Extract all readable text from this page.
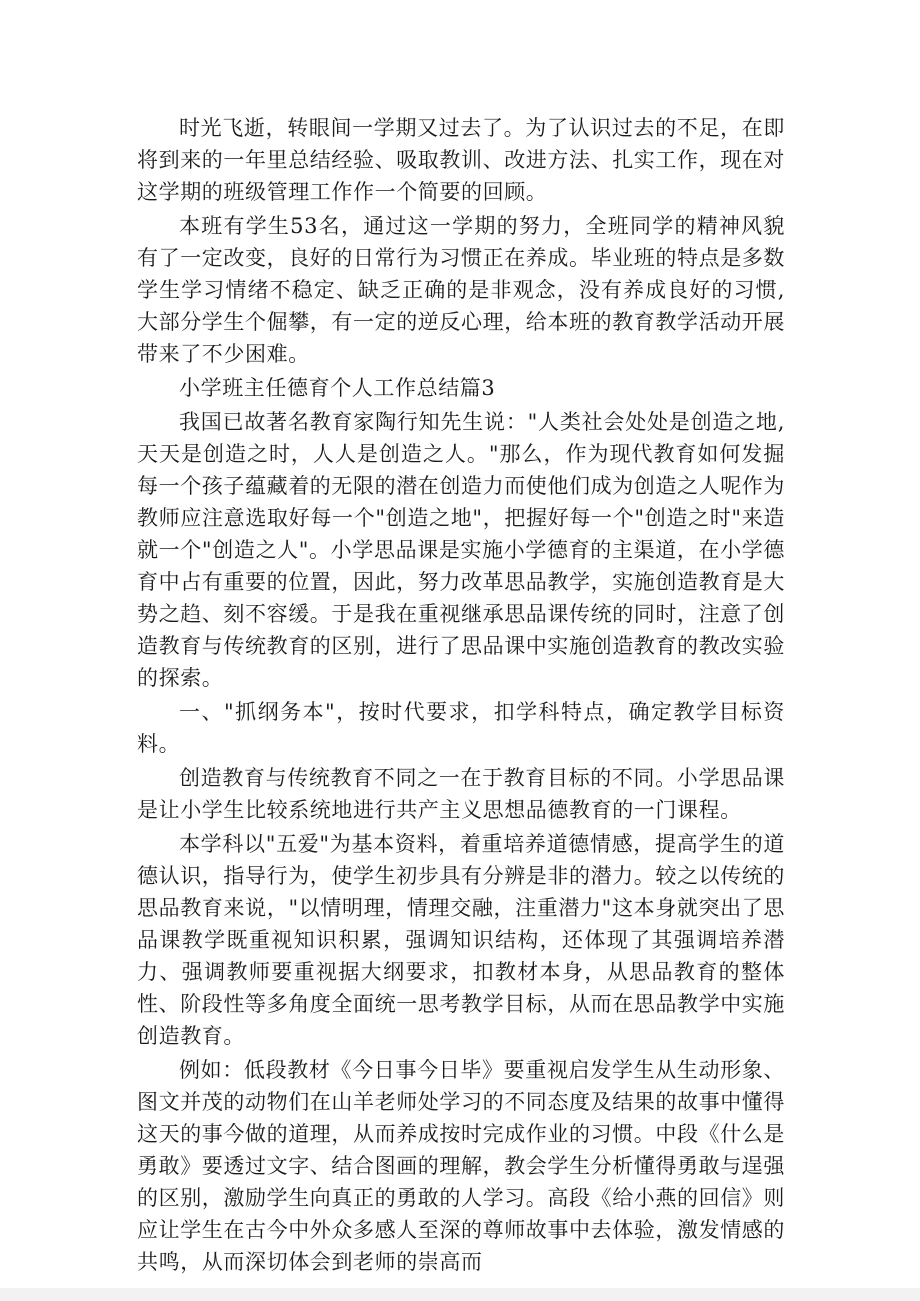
时光飞逝，转眼间一学期又过去了。为了认识过去的不足，在即将到来的一年里总结经验、吸取教训、改进方法、扎实工作，现在对这学期的班级管理工作作一个简要的回顾。

本班有学生53名，通过这一学期的努力，全班同学的精神风貌有了一定改变，良好的日常行为习惯正在养成。毕业班的特点是多数学生学习情绪不稳定、缺乏正确的是非观念，没有养成良好的习惯,大部分学生个倔攀，有一定的逆反心理，给本班的教育教学活动开展带来了不少困难。

小学班主任德育个人工作总结篇3

我国已故著名教育家陶行知先生说："人类社会处处是创造之地,天天是创造之时，人人是创造之人。"那么，作为现代教育如何发掘每一个孩子蕴藏着的无限的潜在创造力而使他们成为创造之人呢作为教师应注意选取好每一个"创造之地"，把握好每一个"创造之时"来造就一个"创造之人"。小学思品课是实施小学德育的主渠道，在小学德育中占有重要的位置，因此，努力改革思品教学，实施创造教育是大势之趋、刻不容缓。于是我在重视继承思品课传统的同时，注意了创造教育与传统教育的区别，进行了思品课中实施创造教育的教改实验的探索。

一、"抓纲务本"，按时代要求，扣学科特点，确定教学目标资料。

创造教育与传统教育不同之一在于教育目标的不同。小学思品课是让小学生比较系统地进行共产主义思想品德教育的一门课程。

本学科以"五爱"为基本资料，着重培养道德情感，提高学生的道德认识，指导行为，使学生初步具有分辨是非的潜力。较之以传统的思品教育来说，"以情明理，情理交融，注重潜力"这本身就突出了思品课教学既重视知识积累，强调知识结构，还体现了其强调培养潜力、强调教师要重视据大纲要求，扣教材本身，从思品教育的整体性、阶段性等多角度全面统一思考教学目标，从而在思品教学中实施创造教育。

例如：低段教材《今日事今日毕》要重视启发学生从生动形象、图文并茂的动物们在山羊老师处学习的不同态度及结果的故事中懂得这天的事今做的道理，从而养成按时完成作业的习惯。中段《什么是勇敢》要透过文字、结合图画的理解，教会学生分析懂得勇敢与逞强的区别，激励学生向真正的勇敢的人学习。高段《给小燕的回信》则应让学生在古今中外众多感人至深的尊师故事中去体验，激发情感的共鸣，从而深切体会到老师的崇高而
